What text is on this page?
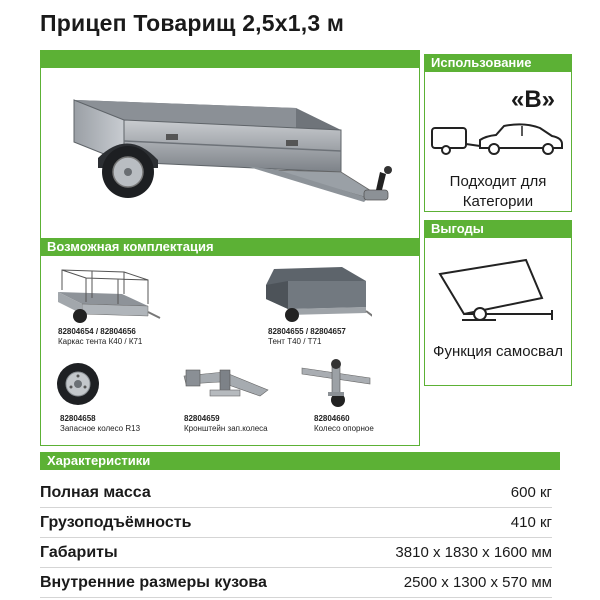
Прицеп Товарищ 2,5х1,3 м
Возможная комплектация
82804654 / 82804656
Каркас тента К40 / К71
82804655 / 82804657
Тент Т40 / Т71
82804658
Запасное колесо R13
82804659
Кронштейн зап.колеса
82804660
Колесо опорное
Использование
«B»
Подходит для Категории
Выгоды
Функция самосвал
Характеристики
Полная масса	600 кг
Грузоподъёмность	410 кг
Габариты	3810 х 1830 х 1600 мм
Внутренние размеры кузова	2500 х 1300 х 570 мм
